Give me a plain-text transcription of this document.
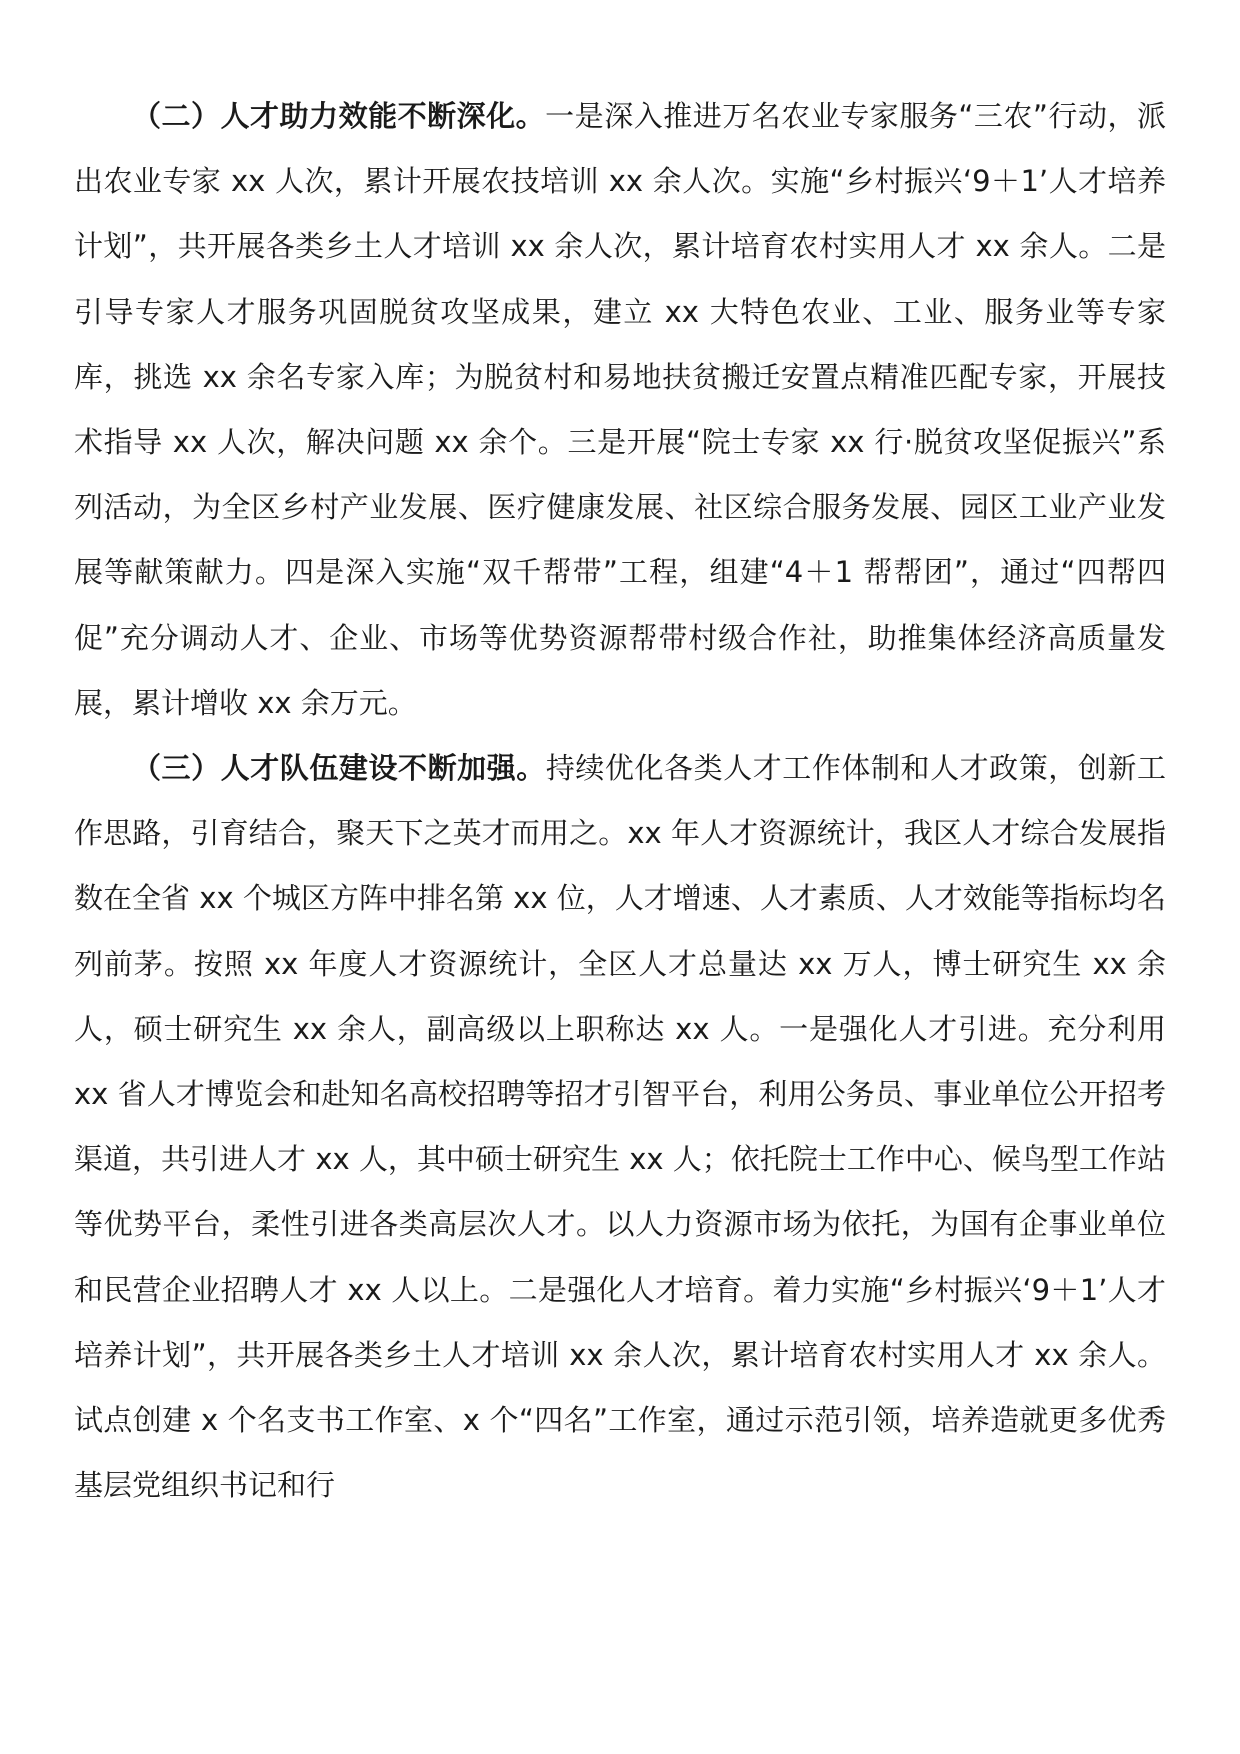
（二）人才助力效能不断深化。一是深入推进万名农业专家服务“三农”行动，派出农业专家 xx 人次，累计开展农技培训 xx 余人次。实施“乡村振兴‘9＋1’人才培养计划”，共开展各类乡土人才培训 xx 余人次，累计培育农村实用人才 xx 余人。二是引导专家人才服务巩固脱贫攻坚成果，建立 xx 大特色农业、工业、服务业等专家库，挑选 xx 余名专家入库；为脱贫村和易地扶贫搬迁安置点精准匹配专家，开展技术指导 xx 人次，解决问题 xx 余个。三是开展“院士专家 xx 行·脱贫攻坚促振兴”系列活动，为全区乡村产业发展、医疗健康发展、社区综合服务发展、园区工业产业发展等献策献力。四是深入实施“双千帮带”工程，组建“4＋1 帮帮团”，通过“四帮四促”充分调动人才、企业、市场等优势资源帮带村级合作社，助推集体经济高质量发展，累计增收 xx 余万元。

（三）人才队伍建设不断加强。持续优化各类人才工作体制和人才政策，创新工作思路，引育结合，聚天下之英才而用之。xx 年人才资源统计，我区人才综合发展指数在全省 xx 个城区方阵中排名第 xx 位，人才增速、人才素质、人才效能等指标均名列前茅。按照 xx 年度人才资源统计，全区人才总量达 xx 万人，博士研究生 xx 余人，硕士研究生 xx 余人，副高级以上职称达 xx 人。一是强化人才引进。充分利用 xx 省人才博览会和赴知名高校招聘等招才引智平台，利用公务员、事业单位公开招考渠道，共引进人才 xx 人，其中硕士研究生 xx 人；依托院士工作中心、候鸟型工作站等优势平台，柔性引进各类高层次人才。以人力资源市场为依托，为国有企事业单位和民营企业招聘人才 xx 人以上。二是强化人才培育。着力实施“乡村振兴‘9＋1’人才培养计划”，共开展各类乡土人才培训 xx 余人次，累计培育农村实用人才 xx 余人。试点创建 x 个名支书工作室、x 个“四名”工作室，通过示范引领，培养造就更多优秀基层党组织书记和行
